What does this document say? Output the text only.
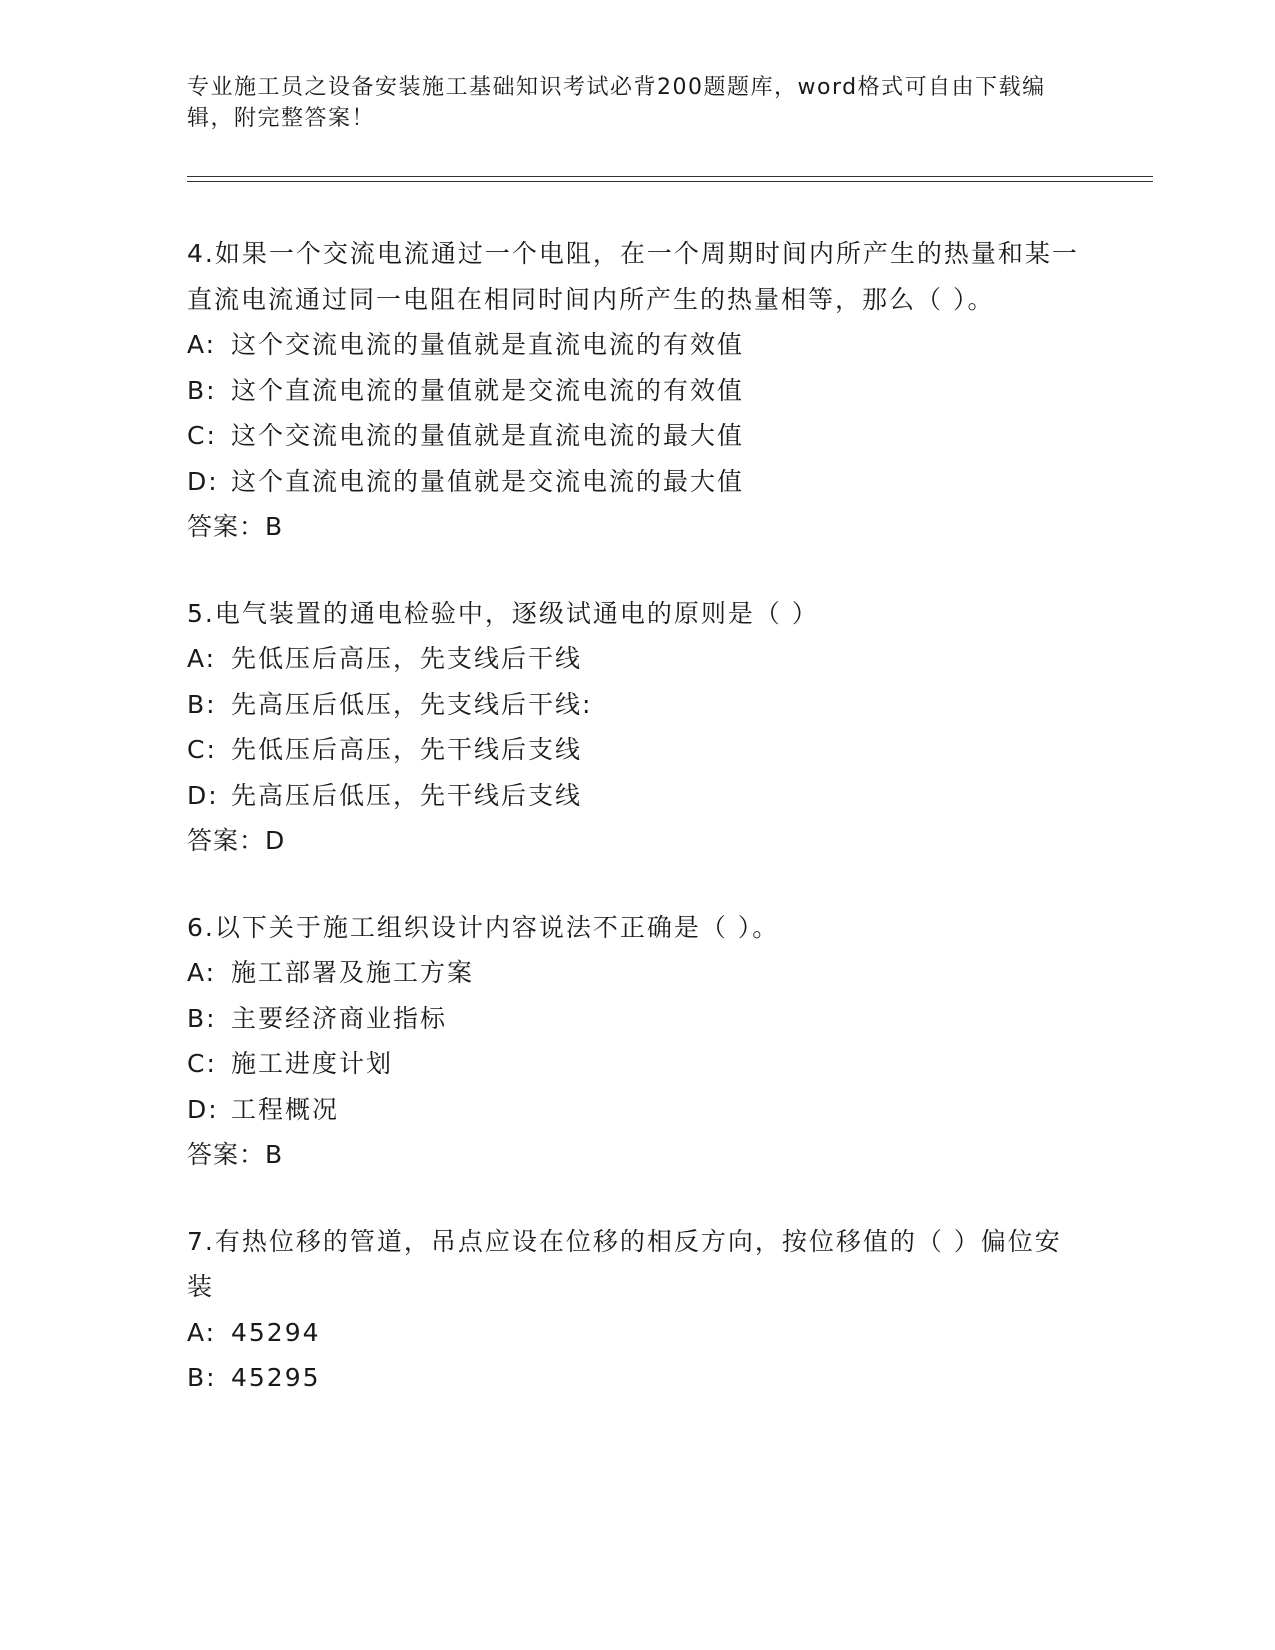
专业施工员之设备安装施工基础知识考试必背200题题库，word格式可自由下载编辑，附完整答案！

4.如果一个交流电流通过一个电阻，在一个周期时间内所产生的热量和某一直流电流通过同一电阻在相同时间内所产生的热量相等，那么（ ）。

A: 这个交流电流的量值就是直流电流的有效值

B: 这个直流电流的量值就是交流电流的有效值

C: 这个交流电流的量值就是直流电流的最大值

D: 这个直流电流的量值就是交流电流的最大值

答案：B

5.电气装置的通电检验中，逐级试通电的原则是（ ）

A: 先低压后高压，先支线后干线

B: 先高压后低压，先支线后干线:

C: 先低压后高压，先干线后支线

D: 先高压后低压，先干线后支线

答案：D

6.以下关于施工组织设计内容说法不正确是（ ）。

A: 施工部署及施工方案

B: 主要经济商业指标

C: 施工进度计划

D: 工程概况

答案：B

7.有热位移的管道，吊点应设在位移的相反方向，按位移值的（ ）偏位安装

A: 45294

B: 45295
